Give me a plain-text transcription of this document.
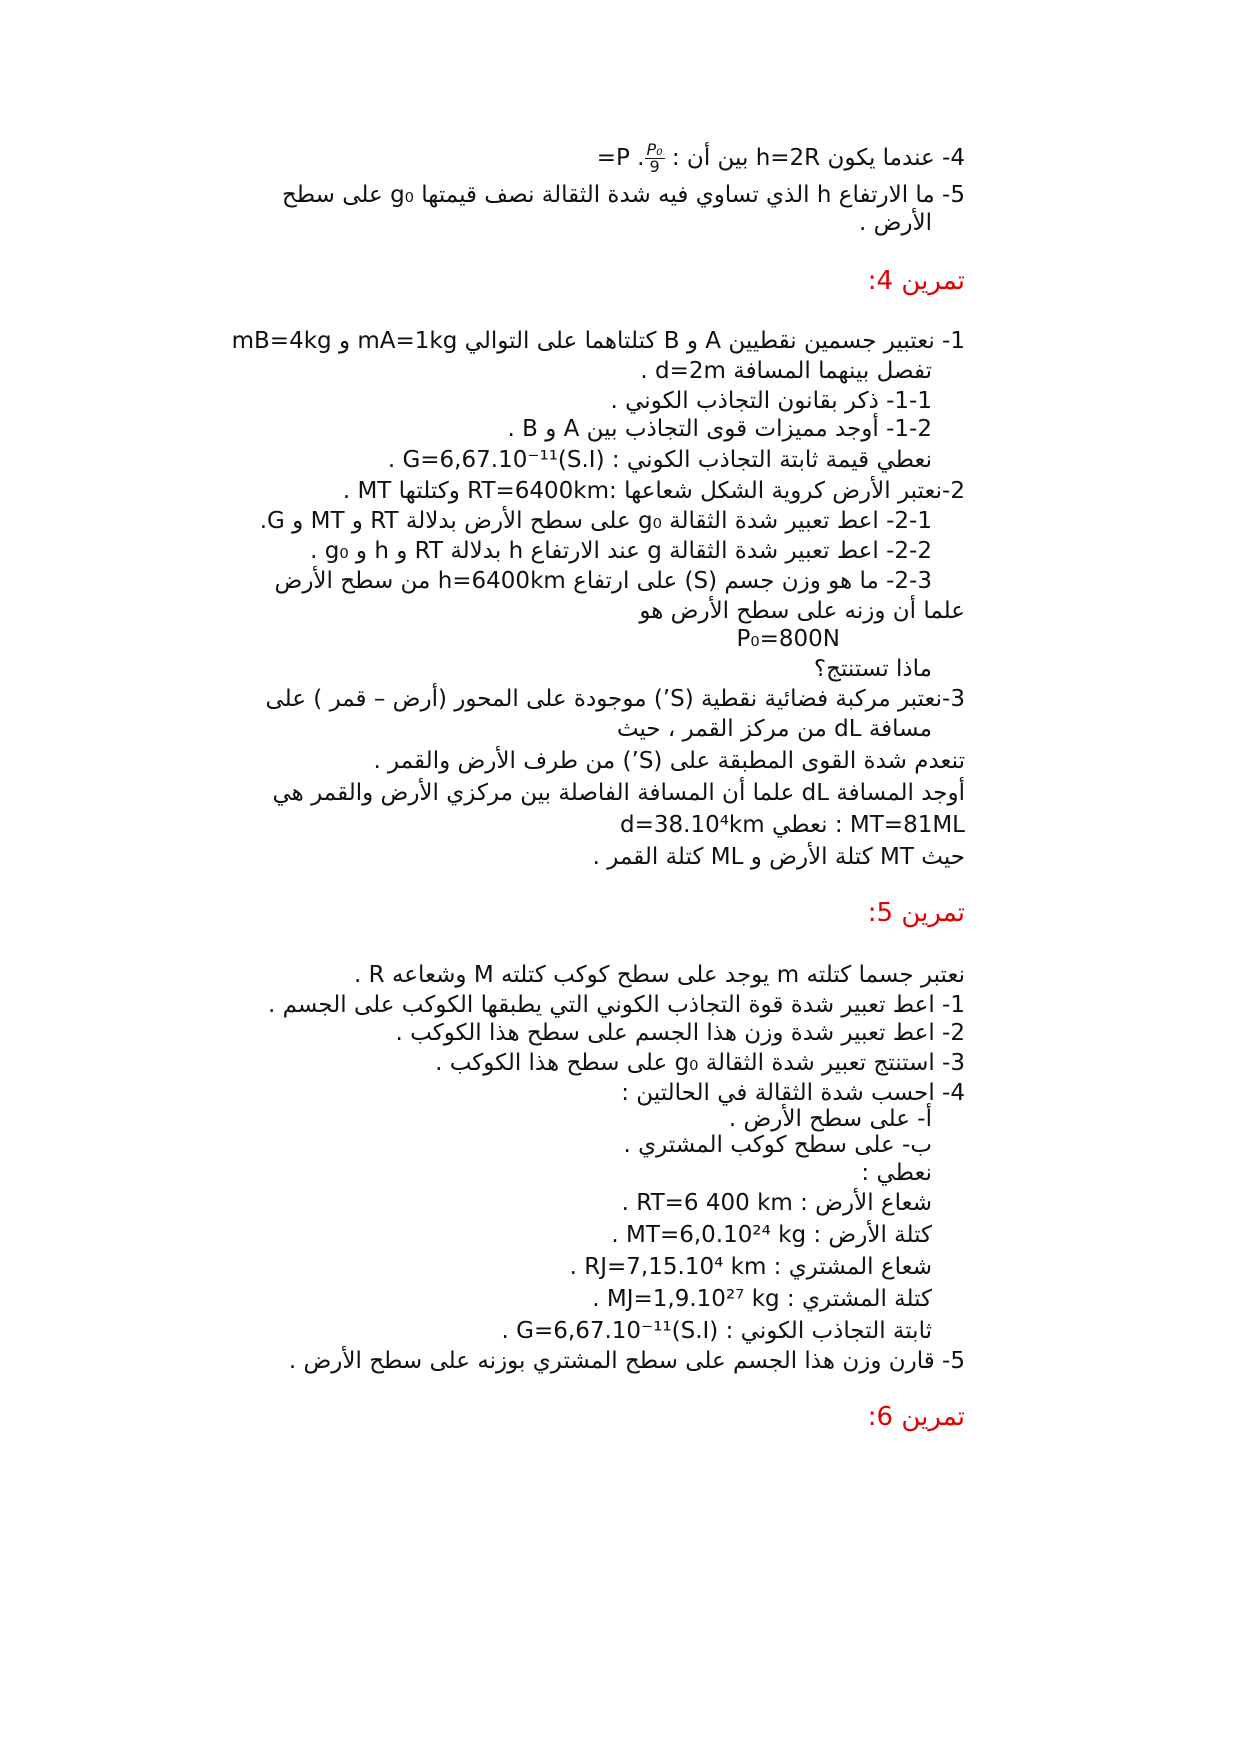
4- عندما يكون h=2R بين أن :
$\frac{\text{P₀}}{9}$
. P=
5- ما الارتفاع h الذي تساوي فيه شدة الثقالة نصف قيمتها g₀ على سطح
الأرض .
تمرين 4:
1- نعتبير جسمين نقطيين A و B كتلتاهما على التوالي mA=1kg و mB=4kg
تفصل بينهما المسافة d=2m .
1-1- ذكر بقانون التجاذب الكوني .
1-2- أوجد مميزات قوى التجاذب بين A و B .
نعطي قيمة ثابتة التجاذب الكوني : G=6,67.10⁻¹¹(S.I) .
2-نعتبر الأرض كروية الشكل شعاعها :RT=6400km وكتلتها MT .
2-1- اعط تعبير شدة الثقالة g₀ على سطح الأرض بدلالة RT و MT و G.
2-2- اعط تعبير شدة الثقالة g عند الارتفاع h بدلالة RT و h و g₀ .
2-3- ما هو وزن جسم (S) على ارتفاع h=6400km من سطح الأرض
علما أن وزنه على سطح الأرض هو
P₀=800N
ماذا تستنتج؟
3-نعتبر مركبة فضائية نقطية (S’) موجودة على المحور (أرض – قمر ) على
مسافة dL من مركز القمر ، حيث
تنعدم شدة القوى المطبقة على (S’) من طرف الأرض والقمر .
أوجد المسافة dL علما أن المسافة الفاصلة بين مركزي الأرض والقمر هي
d=38.10⁴km نعطي : MT=81ML
حيث MT كتلة الأرض و ML كتلة القمر .
تمرين 5:
نعتبر جسما كتلته m يوجد على سطح كوكب كتلته M وشعاعه R .
1- اعط تعبير شدة قوة التجاذب الكوني التي يطبقها الكوكب على الجسم .
2- اعط تعبير شدة وزن هذا الجسم على سطح هذا الكوكب .
3- استنتج تعبير شدة الثقالة g₀ على سطح هذا الكوكب .
4- احسب شدة الثقالة في الحالتين :
أ- على سطح الأرض .
ب- على سطح كوكب المشتري .
نعطي :
شعاع الأرض : RT=6 400 km .
كتلة الأرض : MT=6,0.10²⁴ kg .
شعاع المشتري : RJ=7,15.10⁴ km .
كتلة المشتري : MJ=1,9.10²⁷ kg .
ثابتة التجاذب الكوني : G=6,67.10⁻¹¹(S.I) .
5- قارن وزن هذا الجسم على سطح المشتري بوزنه على سطح الأرض .
تمرين 6:
